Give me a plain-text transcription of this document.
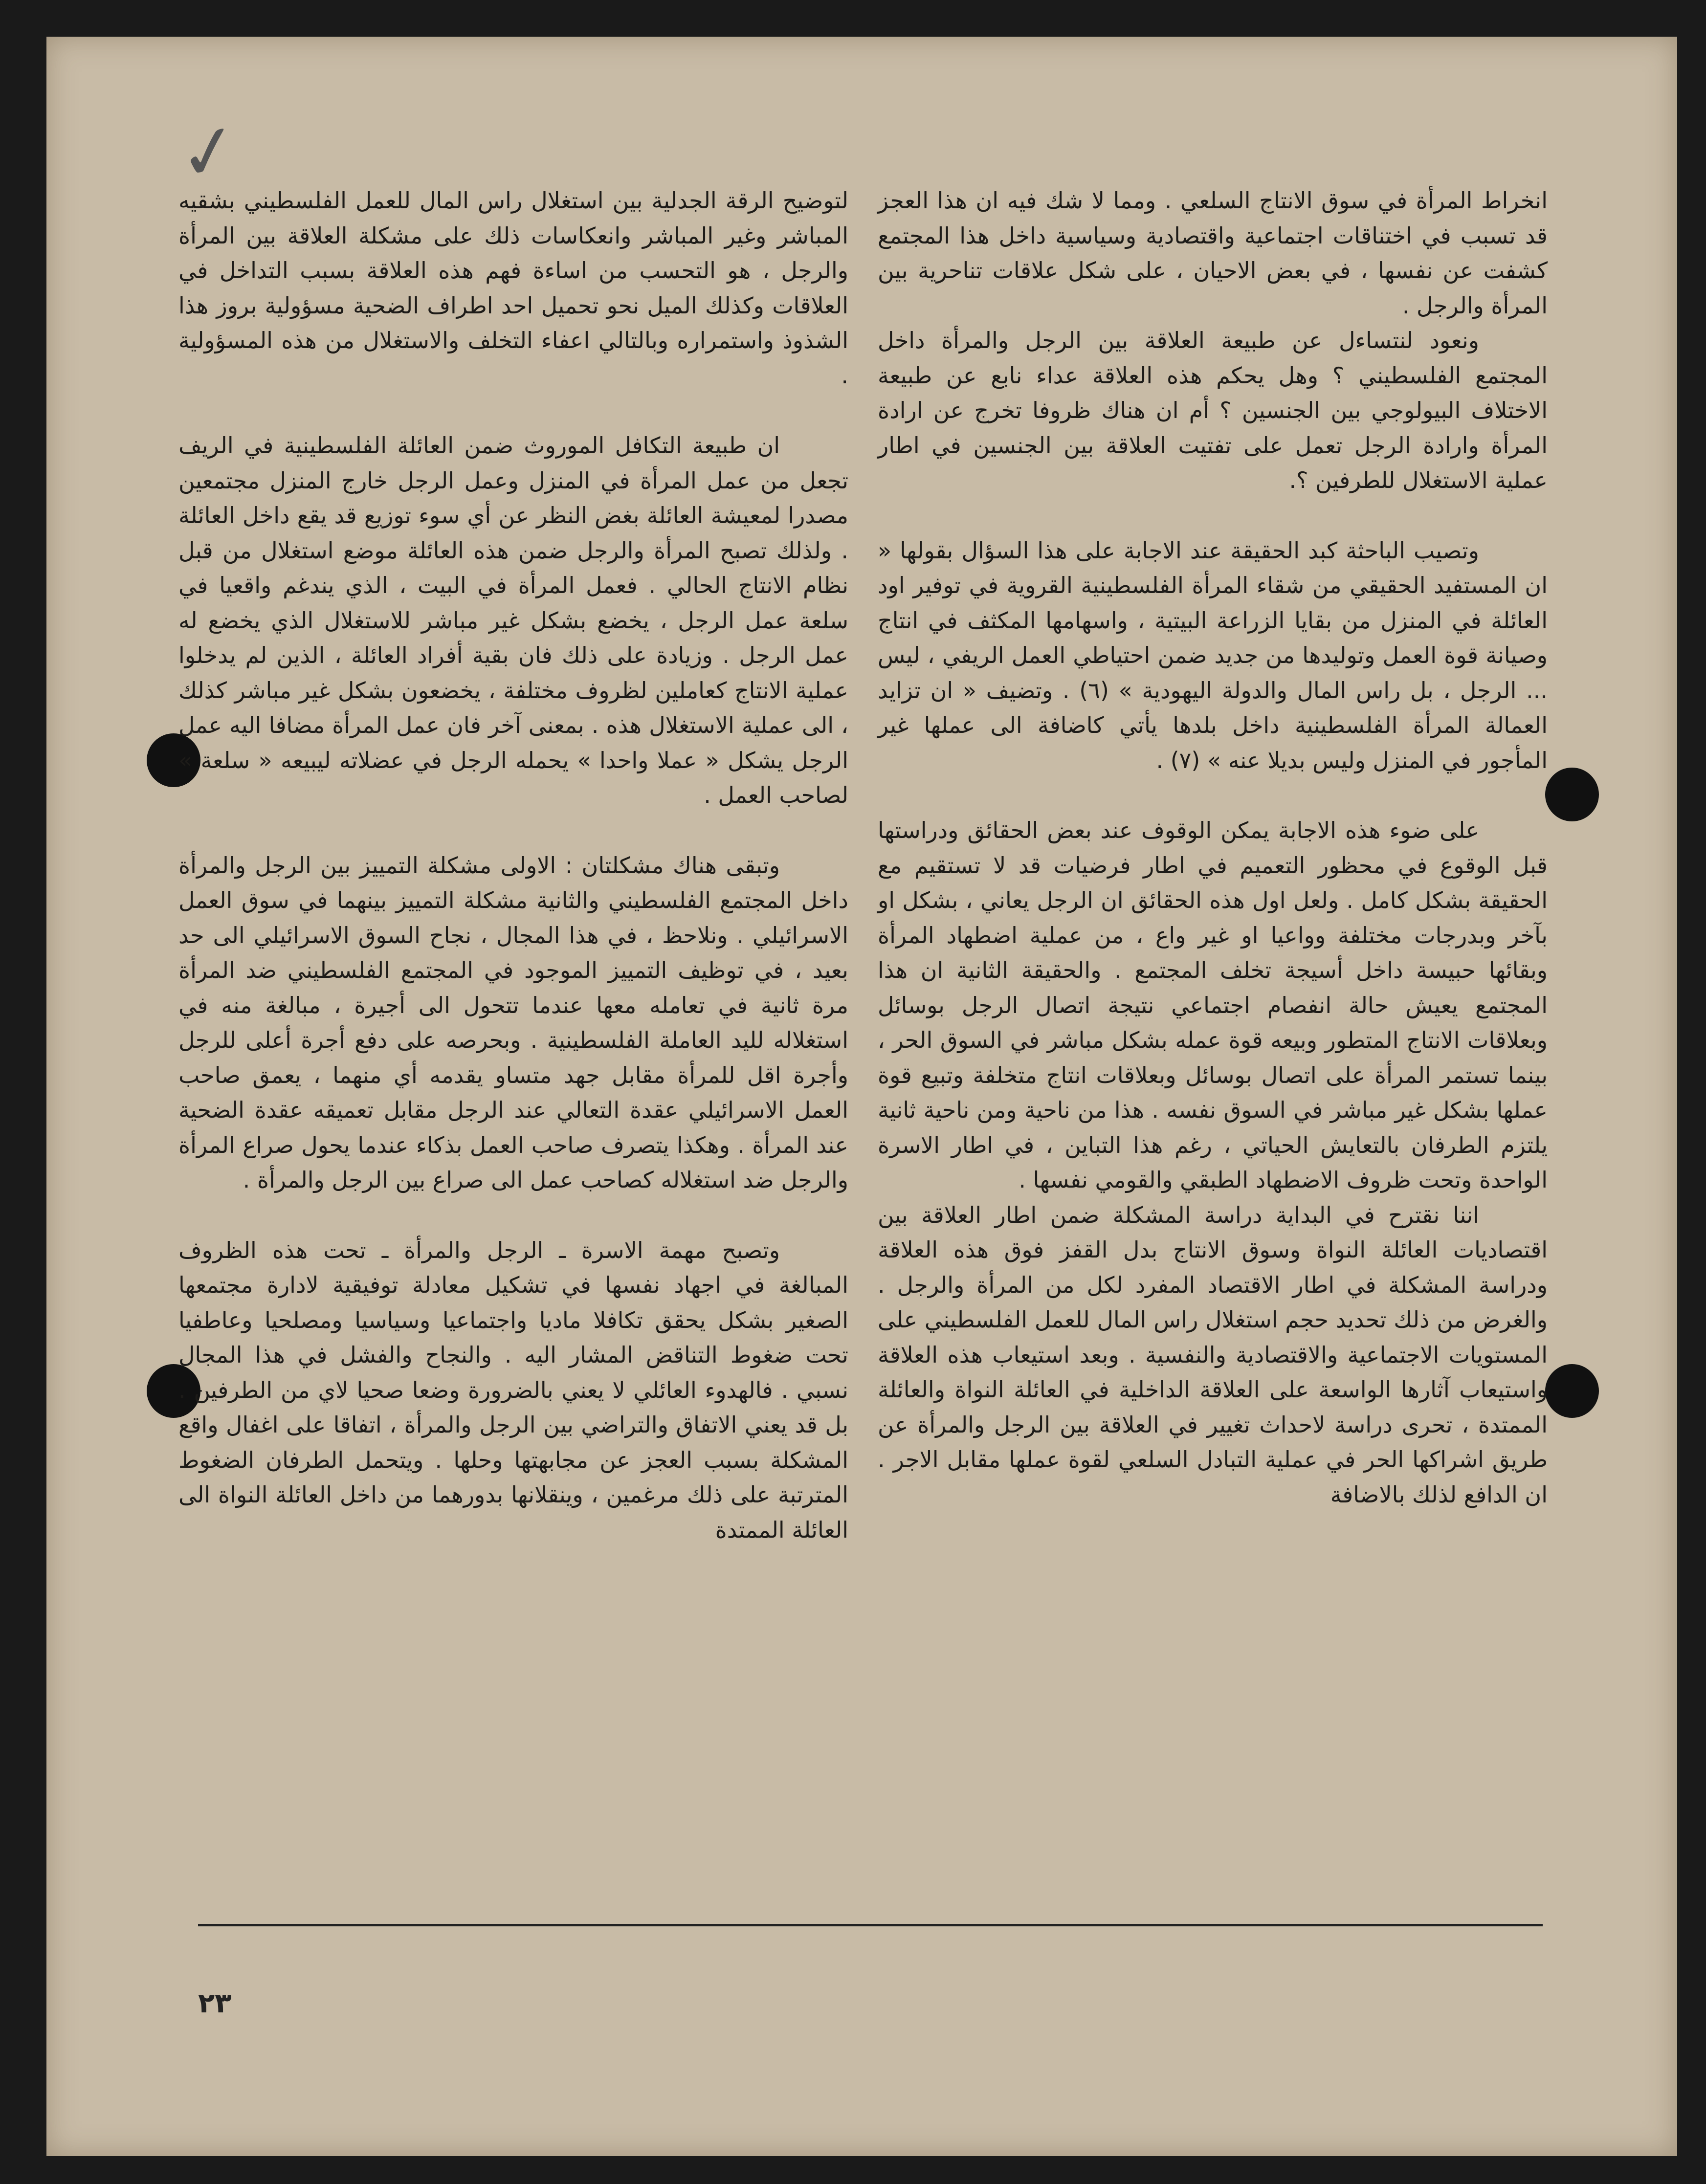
✓

انخراط المرأة في سوق الانتاج السلعي . ومما لا شك فيه ان هذا العجز قد تسبب في اختناقات اجتماعية واقتصادية وسياسية داخل هذا المجتمع كشفت عن نفسها ، في بعض الاحيان ، على شكل علاقات تناحرية بين المرأة والرجل .

ونعود لنتساءل عن طبيعة العلاقة بين الرجل والمرأة داخل المجتمع الفلسطيني ؟ وهل يحكم هذه العلاقة عداء نابع عن طبيعة الاختلاف البيولوجي بين الجنسين ؟ أم ان هناك ظروفا تخرج عن ارادة المرأة وارادة الرجل تعمل على تفتيت العلاقة بين الجنسين في اطار عملية الاستغلال للطرفين ؟.

وتصيب الباحثة كبد الحقيقة عند الاجابة على هذا السؤال بقولها « ان المستفيد الحقيقي من شقاء المرأة الفلسطينية القروية في توفير اود العائلة في المنزل من بقايا الزراعة البيتية ، واسهامها المكثف في انتاج وصيانة قوة العمل وتوليدها من جديد ضمن احتياطي العمل الريفي ، ليس ... الرجل ، بل راس المال والدولة اليهودية » (٦) . وتضيف « ان تزايد العمالة المرأة الفلسطينية داخل بلدها يأتي كاضافة الى عملها غير المأجور في المنزل وليس بديلا عنه » (٧) .

على ضوء هذه الاجابة يمكن الوقوف عند بعض الحقائق ودراستها قبل الوقوع في محظور التعميم في اطار فرضيات قد لا تستقيم مع الحقيقة بشكل كامل . ولعل اول هذه الحقائق ان الرجل يعاني ، بشكل او بآخر وبدرجات مختلفة وواعيا او غير واع ، من عملية اضطهاد المرأة وبقائها حبيسة داخل أسيجة تخلف المجتمع . والحقيقة الثانية ان هذا المجتمع يعيش حالة انفصام اجتماعي نتيجة اتصال الرجل بوسائل وبعلاقات الانتاج المتطور وبيعه قوة عمله بشكل مباشر في السوق الحر ، بينما تستمر المرأة على اتصال بوسائل وبعلاقات انتاج متخلفة وتبيع قوة عملها بشكل غير مباشر في السوق نفسه . هذا من ناحية ومن ناحية ثانية يلتزم الطرفان بالتعايش الحياتي ، رغم هذا التباين ، في اطار الاسرة الواحدة وتحت ظروف الاضطهاد الطبقي والقومي نفسها .

اننا نقترح في البداية دراسة المشكلة ضمن اطار العلاقة بين اقتصاديات العائلة النواة وسوق الانتاج بدل القفز فوق هذه العلاقة ودراسة المشكلة في اطار الاقتصاد المفرد لكل من المرأة والرجل . والغرض من ذلك تحديد حجم استغلال راس المال للعمل الفلسطيني على المستويات الاجتماعية والاقتصادية والنفسية . وبعد استيعاب هذه العلاقة واستيعاب آثارها الواسعة على العلاقة الداخلية في العائلة النواة والعائلة الممتدة ، تحرى دراسة لاحداث تغيير في العلاقة بين الرجل والمرأة عن طريق اشراكها الحر في عملية التبادل السلعي لقوة عملها مقابل الاجر . ان الدافع لذلك بالاضافة

لتوضيح الرقة الجدلية بين استغلال راس المال للعمل الفلسطيني بشقيه المباشر وغير المباشر وانعكاسات ذلك على مشكلة العلاقة بين المرأة والرجل ، هو التحسب من اساءة فهم هذه العلاقة بسبب التداخل في العلاقات وكذلك الميل نحو تحميل احد اطراف الضحية مسؤولية بروز هذا الشذوذ واستمراره وبالتالي اعفاء التخلف والاستغلال من هذه المسؤولية .

ان طبيعة التكافل الموروث ضمن العائلة الفلسطينية في الريف تجعل من عمل المرأة في المنزل وعمل الرجل خارج المنزل مجتمعين مصدرا لمعيشة العائلة بغض النظر عن أي سوء توزيع قد يقع داخل العائلة . ولذلك تصبح المرأة والرجل ضمن هذه العائلة موضع استغلال من قبل نظام الانتاج الحالي . فعمل المرأة في البيت ، الذي يندغم واقعيا في سلعة عمل الرجل ، يخضع بشكل غير مباشر للاستغلال الذي يخضع له عمل الرجل . وزيادة على ذلك فان بقية أفراد العائلة ، الذين لم يدخلوا عملية الانتاج كعاملين لظروف مختلفة ، يخضعون بشكل غير مباشر كذلك ، الى عملية الاستغلال هذه . بمعنى آخر فان عمل المرأة مضافا اليه عمل الرجل يشكل « عملا واحدا » يحمله الرجل في عضلاته ليبيعه « سلعة » لصاحب العمل .

وتبقى هناك مشكلتان : الاولى مشكلة التمييز بين الرجل والمرأة داخل المجتمع الفلسطيني والثانية مشكلة التمييز بينهما في سوق العمل الاسرائيلي . ونلاحظ ، في هذا المجال ، نجاح السوق الاسرائيلي الى حد بعيد ، في توظيف التمييز الموجود في المجتمع الفلسطيني ضد المرأة مرة ثانية في تعامله معها عندما تتحول الى أجيرة ، مبالغة منه في استغلاله لليد العاملة الفلسطينية . وبحرصه على دفع أجرة أعلى للرجل وأجرة اقل للمرأة مقابل جهد متساو يقدمه أي منهما ، يعمق صاحب العمل الاسرائيلي عقدة التعالي عند الرجل مقابل تعميقه عقدة الضحية عند المرأة . وهكذا يتصرف صاحب العمل بذكاء عندما يحول صراع المرأة والرجل ضد استغلاله كصاحب عمل الى صراع بين الرجل والمرأة .

وتصبح مهمة الاسرة ـ الرجل والمرأة ـ تحت هذه الظروف المبالغة في اجهاد نفسها في تشكيل معادلة توفيقية لادارة مجتمعها الصغير بشكل يحقق تكافلا ماديا واجتماعيا وسياسيا ومصلحيا وعاطفيا تحت ضغوط التناقض المشار اليه . والنجاح والفشل في هذا المجال نسبي . فالهدوء العائلي لا يعني بالضرورة وضعا صحيا لاي من الطرفين . بل قد يعني الاتفاق والتراضي بين الرجل والمرأة ، اتفاقا على اغفال واقع المشكلة بسبب العجز عن مجابهتها وحلها . ويتحمل الطرفان الضغوط المترتبة على ذلك مرغمين ، وينقلانها بدورهما من داخل العائلة النواة الى العائلة الممتدة

٢٣
